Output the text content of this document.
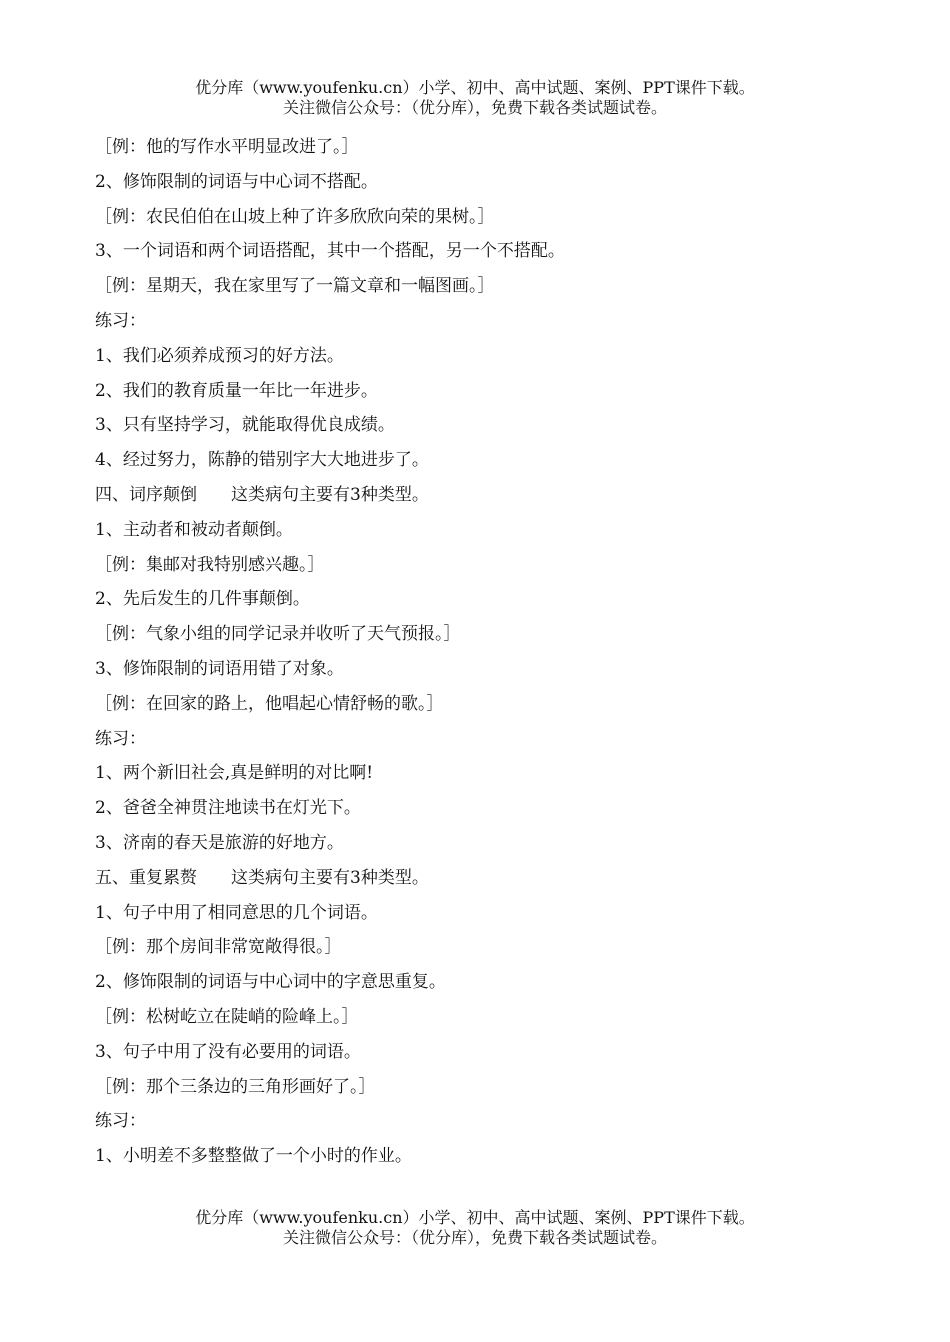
优分库（www.youfenku.cn）小学、初中、高中试题、案例、PPT课件下载。
关注微信公众号：（优分库），免费下载各类试题试卷。
［例：他的写作水平明显改进了。］
2、修饰限制的词语与中心词不搭配。
［例：农民伯伯在山坡上种了许多欣欣向荣的果树。］
3、一个词语和两个词语搭配，其中一个搭配，另一个不搭配。
［例：星期天，我在家里写了一篇文章和一幅图画。］
练习：
1、我们必须养成预习的好方法。
2、我们的教育质量一年比一年进步。
3、只有坚持学习，就能取得优良成绩。
4、经过努力，陈静的错别字大大地进步了。
四、词序颠倒　　这类病句主要有3种类型。
1、主动者和被动者颠倒。
［例：集邮对我特别感兴趣。］
2、先后发生的几件事颠倒。
［例：气象小组的同学记录并收听了天气预报。］
3、修饰限制的词语用错了对象。
［例：在回家的路上，他唱起心情舒畅的歌。］
练习：
1、两个新旧社会,真是鲜明的对比啊!
2、爸爸全神贯注地读书在灯光下。
3、济南的春天是旅游的好地方。
五、重复累赘　　这类病句主要有3种类型。
1、句子中用了相同意思的几个词语。
［例：那个房间非常宽敞得很。］
2、修饰限制的词语与中心词中的字意思重复。
［例：松树屹立在陡峭的险峰上。］
3、句子中用了没有必要用的词语。
［例：那个三条边的三角形画好了。］
练习：
1、小明差不多整整做了一个小时的作业。
优分库（www.youfenku.cn）小学、初中、高中试题、案例、PPT课件下载。
关注微信公众号：（优分库），免费下载各类试题试卷。
